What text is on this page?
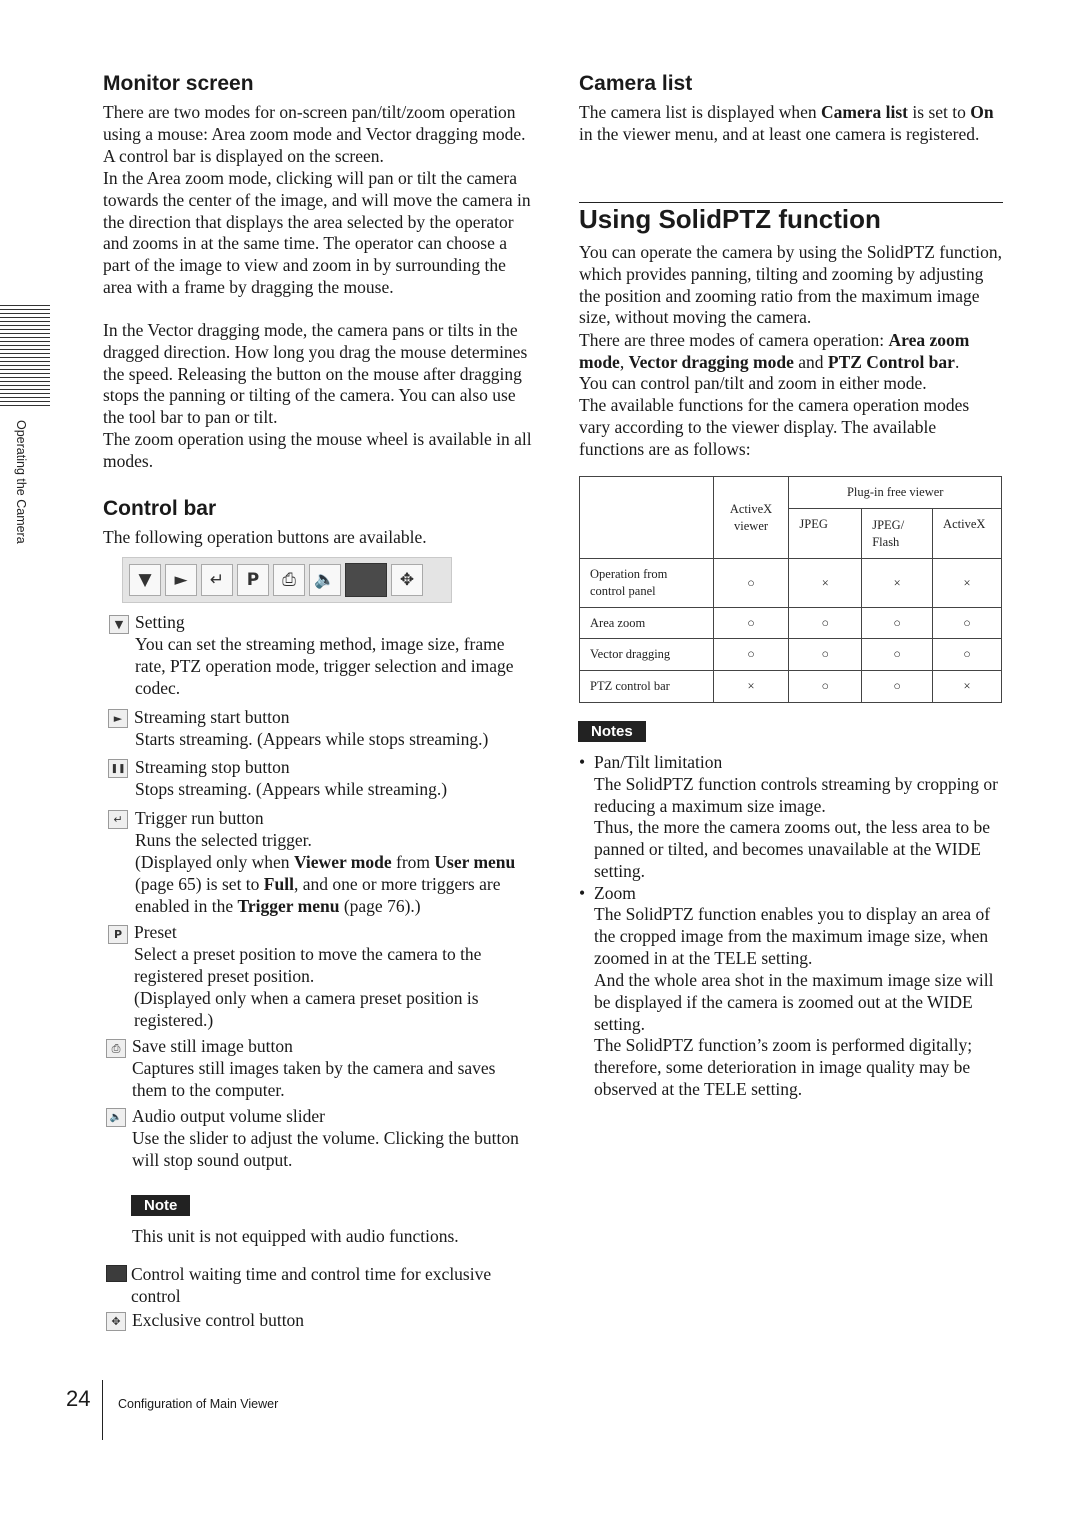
Operating the Camera
Monitor screen

There are two modes for on-screen pan/tilt/zoom operation using a mouse: Area zoom mode and Vector dragging mode. A control bar is displayed on the screen.

In the Area zoom mode, clicking will pan or tilt the camera towards the center of the image, and will move the camera in the direction that displays the area selected by the operator and zooms in at the same time. The operator can choose a part of the image to view and zoom in by surrounding the area with a frame by dragging the mouse.

In the Vector dragging mode, the camera pans or tilts in the dragged direction. How long you drag the mouse determines the speed. Releasing the button on the mouse after dragging stops the panning or tilting of the camera. You can also use the tool bar to pan or tilt.

The zoom operation using the mouse wheel is available in all modes.

Control bar

The following operation buttons are available.

▼	►	↵	P	⎙	🔈	✥
▼ Setting
You can set the streaming method, image size, frame rate, PTZ operation mode, trigger selection and image codec.
► Streaming start button
Starts streaming. (Appears while stops streaming.)
❚❚ Streaming stop button
Stops streaming. (Appears while streaming.)
↵ Trigger run button
Runs the selected trigger.
(Displayed only when Viewer mode from User menu (page 65) is set to Full, and one or more triggers are enabled in the Trigger menu (page 76).)
P Preset
Select a preset position to move the camera to the registered preset position.
(Displayed only when a camera preset position is registered.)
⎙ Save still image button
Captures still images taken by the camera and saves them to the computer.
🔈 Audio output volume slider
Use the slider to adjust the volume. Clicking the button will stop sound output.
Note
This unit is not equipped with audio functions.
Control waiting time and control time for exclusive control
✥ Exclusive control button
Camera list

The camera list is displayed when Camera list is set to On in the viewer menu, and at least one camera is registered.

Using SolidPTZ function

You can operate the camera by using the SolidPTZ function, which provides panning, tilting and zooming by adjusting the position and zooming ratio from the maximum image size, without moving the camera.

There are three modes of camera operation: Area zoom mode, Vector dragging mode and PTZ Control bar.

You can control pan/tilt and zoom in either mode.

The available functions for the camera operation modes vary according to the viewer display. The available functions are as follows:

	ActiveX viewer	Plug-in free viewer		
		JPEG	JPEG/ Flash	ActiveX
Operation from control panel	○	×	×	×
Area zoom	○	○	○	○
Vector dragging	○	○	○	○
PTZ control bar	×	○	○	×
Notes
• Pan/Tilt limitation
The SolidPTZ function controls streaming by cropping or reducing a maximum size image.
Thus, the more the camera zooms out, the less area to be panned or tilted, and becomes unavailable at the WIDE setting.
• Zoom
The SolidPTZ function enables you to display an area of the cropped image from the maximum image size, when zoomed in at the TELE setting.
And the whole area shot in the maximum image size will be displayed if the camera is zoomed out at the WIDE setting.
The SolidPTZ function’s zoom is performed digitally; therefore, some deterioration in image quality may be observed at the TELE setting.
24 Configuration of Main Viewer
